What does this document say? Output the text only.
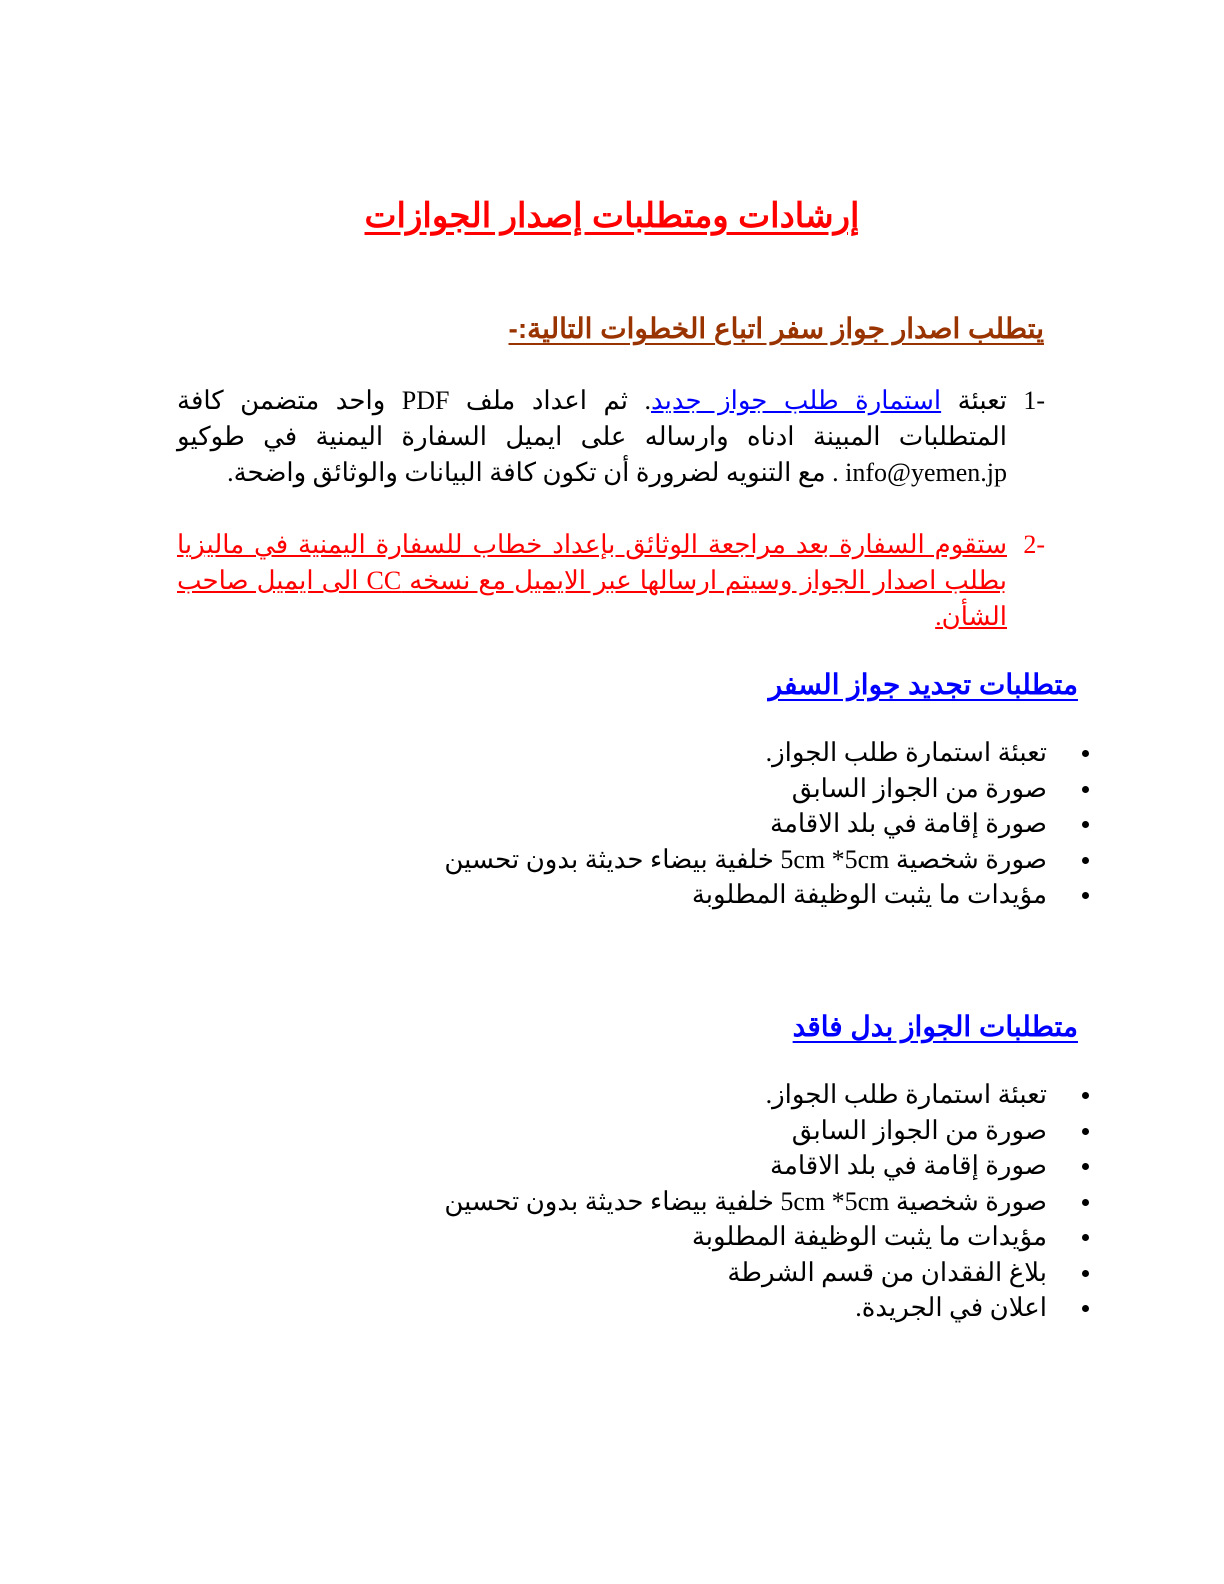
إرشادات ومتطلبات إصدار الجوازات
يتطلب اصدار جواز سفر اتباع الخطوات التالية:-
-1
تعبئة استمارة طلب جواز جديد. ثم اعداد ملف PDF واحد متضمن كافة المتطلبات المبينة ادناه وارساله على ايميل السفارة اليمنية في طوكيو info@yemen.jp . مع التنويه لضرورة أن تكون كافة البيانات والوثائق واضحة.
-2
ستقوم السفارة بعد مراجعة الوثائق بإعداد خطاب للسفارة اليمنية في ماليزيا بطلب اصدار الجواز وسيتم ارسالها عبر الايميل مع نسخه CC الى ايميل صاحب الشأن.
متطلبات تجديد جواز السفر
تعبئة استمارة طلب الجواز.
صورة من الجواز السابق
صورة إقامة في بلد الاقامة
صورة شخصية 5cm *5cm خلفية بيضاء حديثة بدون تحسين
مؤيدات ما يثبت الوظيفة المطلوبة
متطلبات الجواز بدل فاقد
تعبئة استمارة طلب الجواز.
صورة من الجواز السابق
صورة إقامة في بلد الاقامة
صورة شخصية 5cm *5cm خلفية بيضاء حديثة بدون تحسين
مؤيدات ما يثبت الوظيفة المطلوبة
بلاغ الفقدان من قسم الشرطة
اعلان في الجريدة.
